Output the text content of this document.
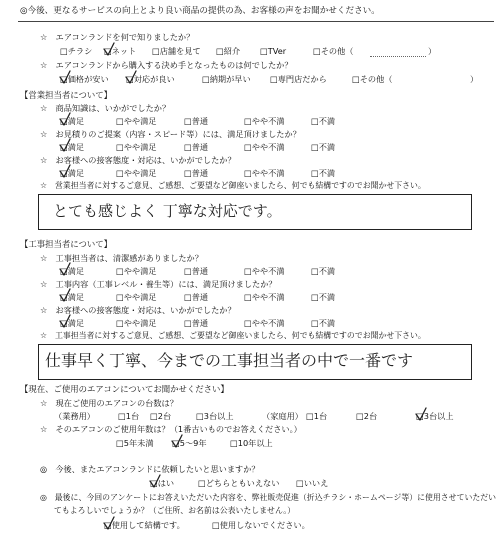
◎今後、更なるサービスの向上とより良い商品の提供の為、お客様の声をお聞かせください。
☆　エアコンランドを何で知りましたか？
□チラシ □ネット □店舗を見て □紹介 □TVer	□その他（	）
☆　エアコンランドから購入する決め手となったものは何でしたか？
□価格が安い □対応が良い	□納期が早い □専門店だから	□その他（	）
【営業担当者について】
☆　商品知識は、いかがでしたか？
□満足	□やや満足	□普通	□やや不満	□不満
☆　お見積りのご提案（内容・スピード等）には、満足頂けましたか？
□満足	□やや満足	□普通	□やや不満	□不満
☆　お客様への接客態度・対応は、いかがでしたか？
□満足	□やや満足	□普通	□やや不満	□不満
☆　営業担当者に対するご意見、ご感想、ご要望など御座いましたら、何でも結構ですのでお聞かせ下さい。
とても感じよく 丁寧な対応です。
【工事担当者について】
☆　工事担当者は、清潔感がありましたか？
□満足	□やや満足	□普通	□やや不満	□不満
☆　工事内容（工事レベル・養生等）には、満足頂けましたか？
□満足	□やや満足	□普通	□やや不満	□不満
☆　お客様への接客態度・対応は、いかがでしたか？
□満足	□やや満足	□普通	□やや不満	□不満
☆　工事担当者に対するご意見、ご感想、ご要望など御座いましたら、何でも結構ですのでお聞かせ下さい。
仕事早く丁寧、今までの工事担当者の中で一番です
【現在、ご使用のエアコンについてお聞かせください】
☆　現在ご使用のエアコンの台数は？
（業務用）	□1台 □2台	□3台以上	（家庭用） □1台	□2台	□3台以上
☆　そのエアコンのご使用年数は？（1番古いものでお答えください。）
□5年未満 □5～9年	□10年以上
◎　今後、またエアコンランドに依頼したいと思いますか？
□はい	□どちらともいえない □いいえ
◎　最後に、今回のアンケートにお答えいただいた内容を、弊社販売促進（折込チラシ・ホームページ等）に使用させていただい
てもよろしいでしょうか？（ご住所、お名前は公表いたしません。）
□使用して結構です。	□使用しないでください。
